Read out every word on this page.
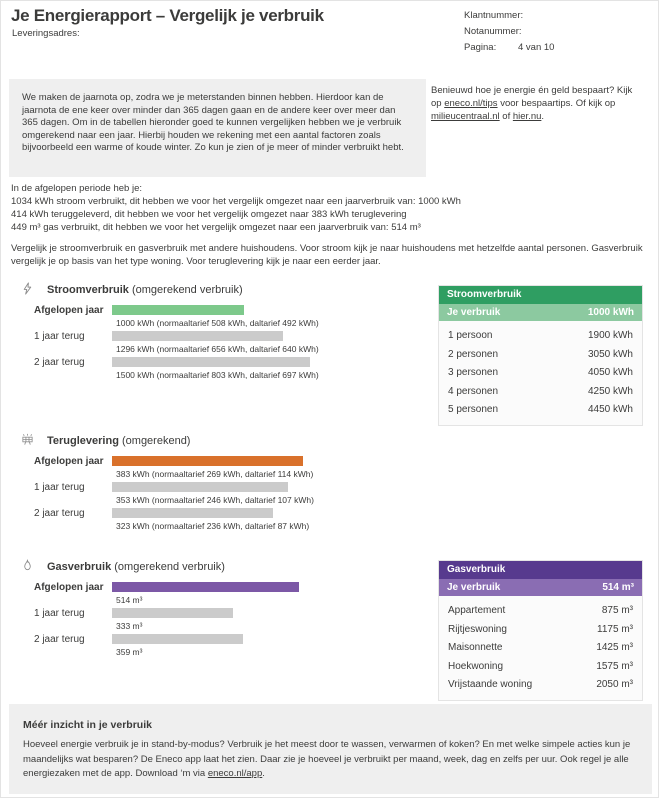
Je Energierapport – Vergelijk je verbruik
Leveringsadres:
Klantnummer:
Notanummer:
Pagina:	4 van 10

We maken de jaarnota op, zodra we je meterstanden binnen hebben. Hierdoor kan de jaarnota de ene keer over minder dan 365 dagen gaan en de andere keer over meer dan 365 dagen. Om in de tabellen hieronder goed te kunnen vergelijken hebben we je verbruik omgerekend naar een jaar. Hierbij houden we rekening met een aantal factoren zoals bijvoorbeeld een warme of koude winter. Zo kun je zien of je meer of minder verbruikt hebt.

Benieuwd hoe je energie én geld bespaart? Kijk op eneco.nl/tips voor bespaartips. Of kijk op milieucentraal.nl of hier.nu.
In de afgelopen periode heb je:
1034 kWh stroom verbruikt, dit hebben we voor het vergelijk omgezet naar een jaarverbruik van: 1000 kWh
414 kWh teruggeleverd, dit hebben we voor het vergelijk omgezet naar 383 kWh teruglevering
449 m³ gas verbruikt, dit hebben we voor het vergelijk omgezet naar een jaarverbruik van: 514 m³

Vergelijk je stroomverbruik en gasverbruik met andere huishoudens. Voor stroom kijk je naar huishoudens met hetzelfde aantal personen. Gasverbruik vergelijk je op basis van het type woning. Voor teruglevering kijk je naar een eerder jaar.

Stroomverbruik (omgerekend verbruik)
Afgelopen jaar
1000 kWh (normaaltarief 508 kWh, daltarief 492 kWh)
1 jaar terug
1296 kWh (normaaltarief 656 kWh, daltarief 640 kWh)
2 jaar terug
1500 kWh (normaaltarief 803 kWh, daltarief 697 kWh)
Teruglevering (omgerekend)
Afgelopen jaar
383 kWh (normaaltarief 269 kWh, daltarief 114 kWh)
1 jaar terug
353 kWh (normaaltarief 246 kWh, daltarief 107 kWh)
2 jaar terug
323 kWh (normaaltarief 236 kWh, daltarief 87 kWh)
Gasverbruik (omgerekend verbruik)
Afgelopen jaar
514 m³
1 jaar terug
333 m³
2 jaar terug
359 m³
Stroomverbruik
Je verbruik	1000 kWh
1 persoon	1900 kWh
2 personen	3050 kWh
3 personen	4050 kWh
4 personen	4250 kWh
5 personen	4450 kWh
Gasverbruik
Je verbruik	514 m³
Appartement	875 m³
Rijtjeswoning	1175 m³
Maisonnette	1425 m³
Hoekwoning	1575 m³
Vrijstaande woning	2050 m³
Méér inzicht in je verbruik

Hoeveel energie verbruik je in stand-by-modus? Verbruik je het meest door te wassen, verwarmen of koken? En met welke simpele acties kun je maandelijks wat besparen? De Eneco app laat het zien. Daar zie je hoeveel je verbruikt per maand, week, dag en zelfs per uur. Ook regel je alle energiezaken met de app. Download ‘m via eneco.nl/app.
